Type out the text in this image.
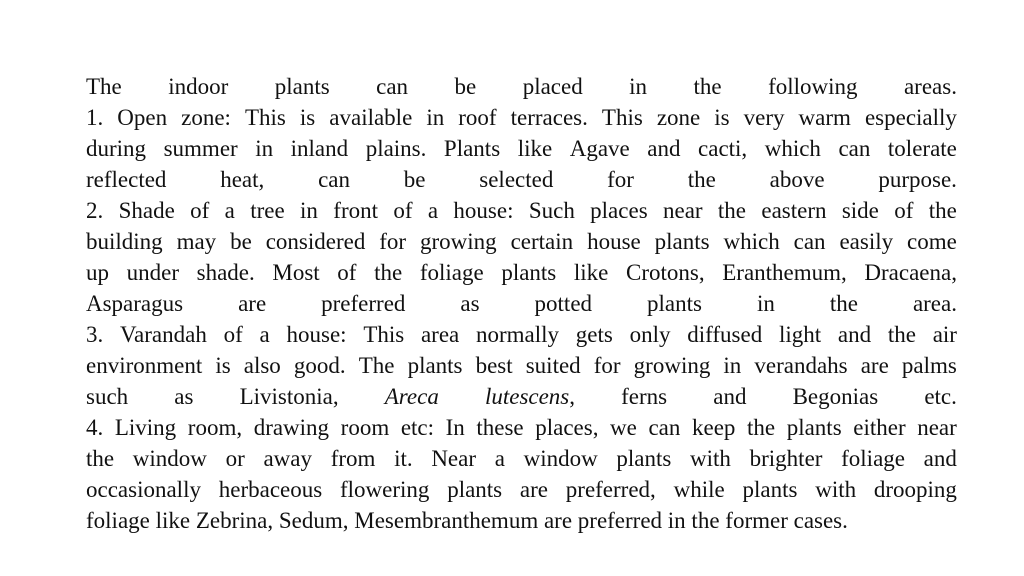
The indoor plants can be placed in the following areas.
1. Open zone: This is available in roof terraces. This zone is very warm especially
during summer in inland plains. Plants like Agave and cacti, which can tolerate
reflected heat, can be selected for the above purpose.
2. Shade of a tree in front of a house: Such places near the eastern side of the
building may be considered for growing certain house plants which can easily come
up under shade. Most of the foliage plants like Crotons, Eranthemum, Dracaena,
Asparagus are preferred as potted plants in the area.
3. Varandah of a house: This area normally gets only diffused light and the air
environment is also good. The plants best suited for growing in verandahs are palms
such as Livistonia, Areca lutescens, ferns and Begonias etc.
4. Living room, drawing room etc: In these places, we can keep the plants either near
the window or away from it. Near a window plants with brighter foliage and
occasionally herbaceous flowering plants are preferred, while plants with drooping
foliage like Zebrina, Sedum, Mesembranthemum are preferred in the former cases.
